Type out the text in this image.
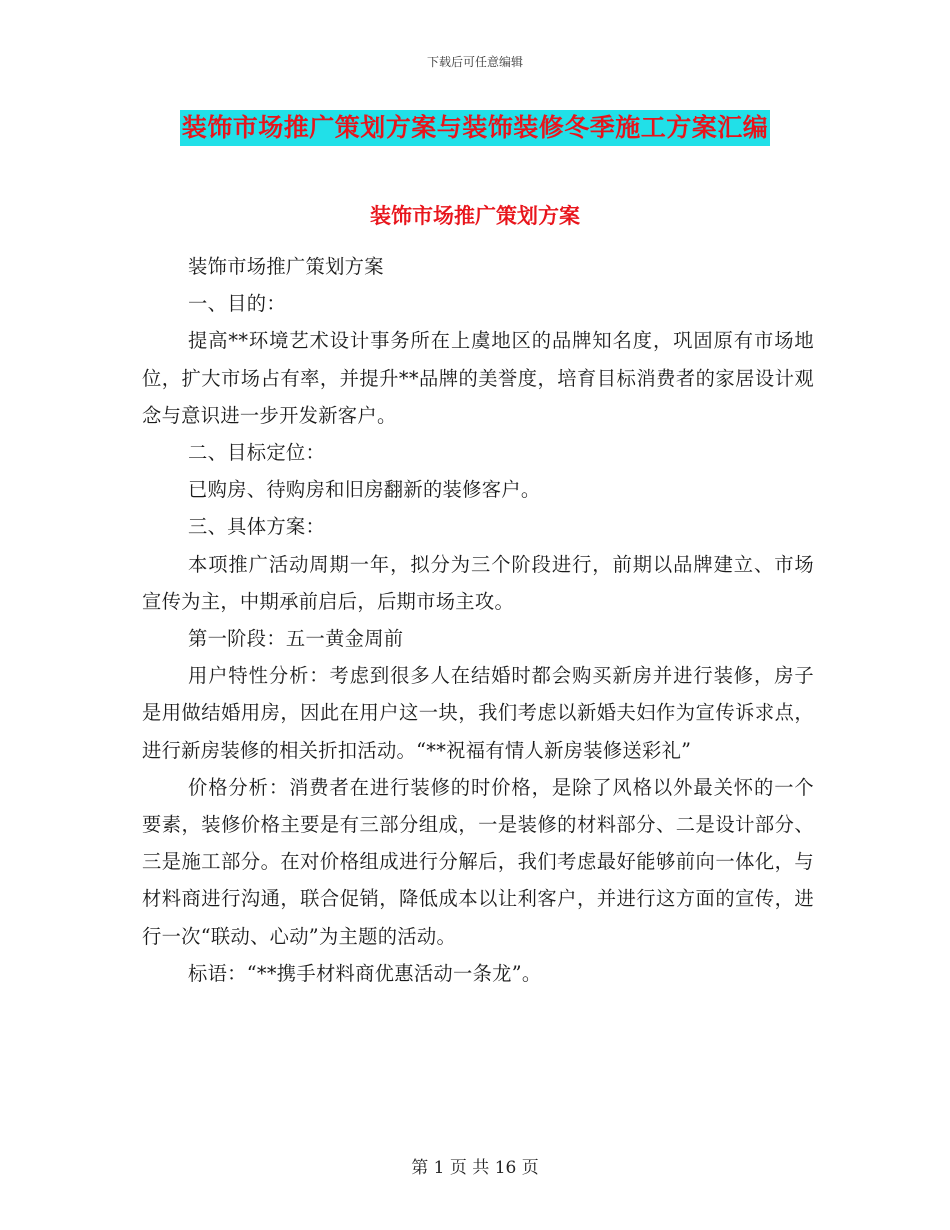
下载后可任意编辑
装饰市场推广策划方案与装饰装修冬季施工方案汇编
装饰市场推广策划方案

装饰市场推广策划方案

一、目的：

提高**环境艺术设计事务所在上虞地区的品牌知名度，巩固原有市场地位，扩大市场占有率，并提升**品牌的美誉度，培育目标消费者的家居设计观念与意识进一步开发新客户。

二、目标定位：

已购房、待购房和旧房翻新的装修客户。

三、具体方案：

本项推广活动周期一年，拟分为三个阶段进行，前期以品牌建立、市场宣传为主，中期承前启后，后期市场主攻。

第一阶段：五一黄金周前

用户特性分析：考虑到很多人在结婚时都会购买新房并进行装修，房子是用做结婚用房，因此在用户这一块，我们考虑以新婚夫妇作为宣传诉求点，进行新房装修的相关折扣活动。“**祝福有情人新房装修送彩礼”

价格分析：消费者在进行装修的时价格，是除了风格以外最关怀的一个要素，装修价格主要是有三部分组成，一是装修的材料部分、二是设计部分、三是施工部分。在对价格组成进行分解后，我们考虑最好能够前向一体化，与材料商进行沟通，联合促销，降低成本以让利客户，并进行这方面的宣传，进行一次“联动、心动”为主题的活动。

标语：“**携手材料商优惠活动一条龙”。

第 1 页 共 16 页
